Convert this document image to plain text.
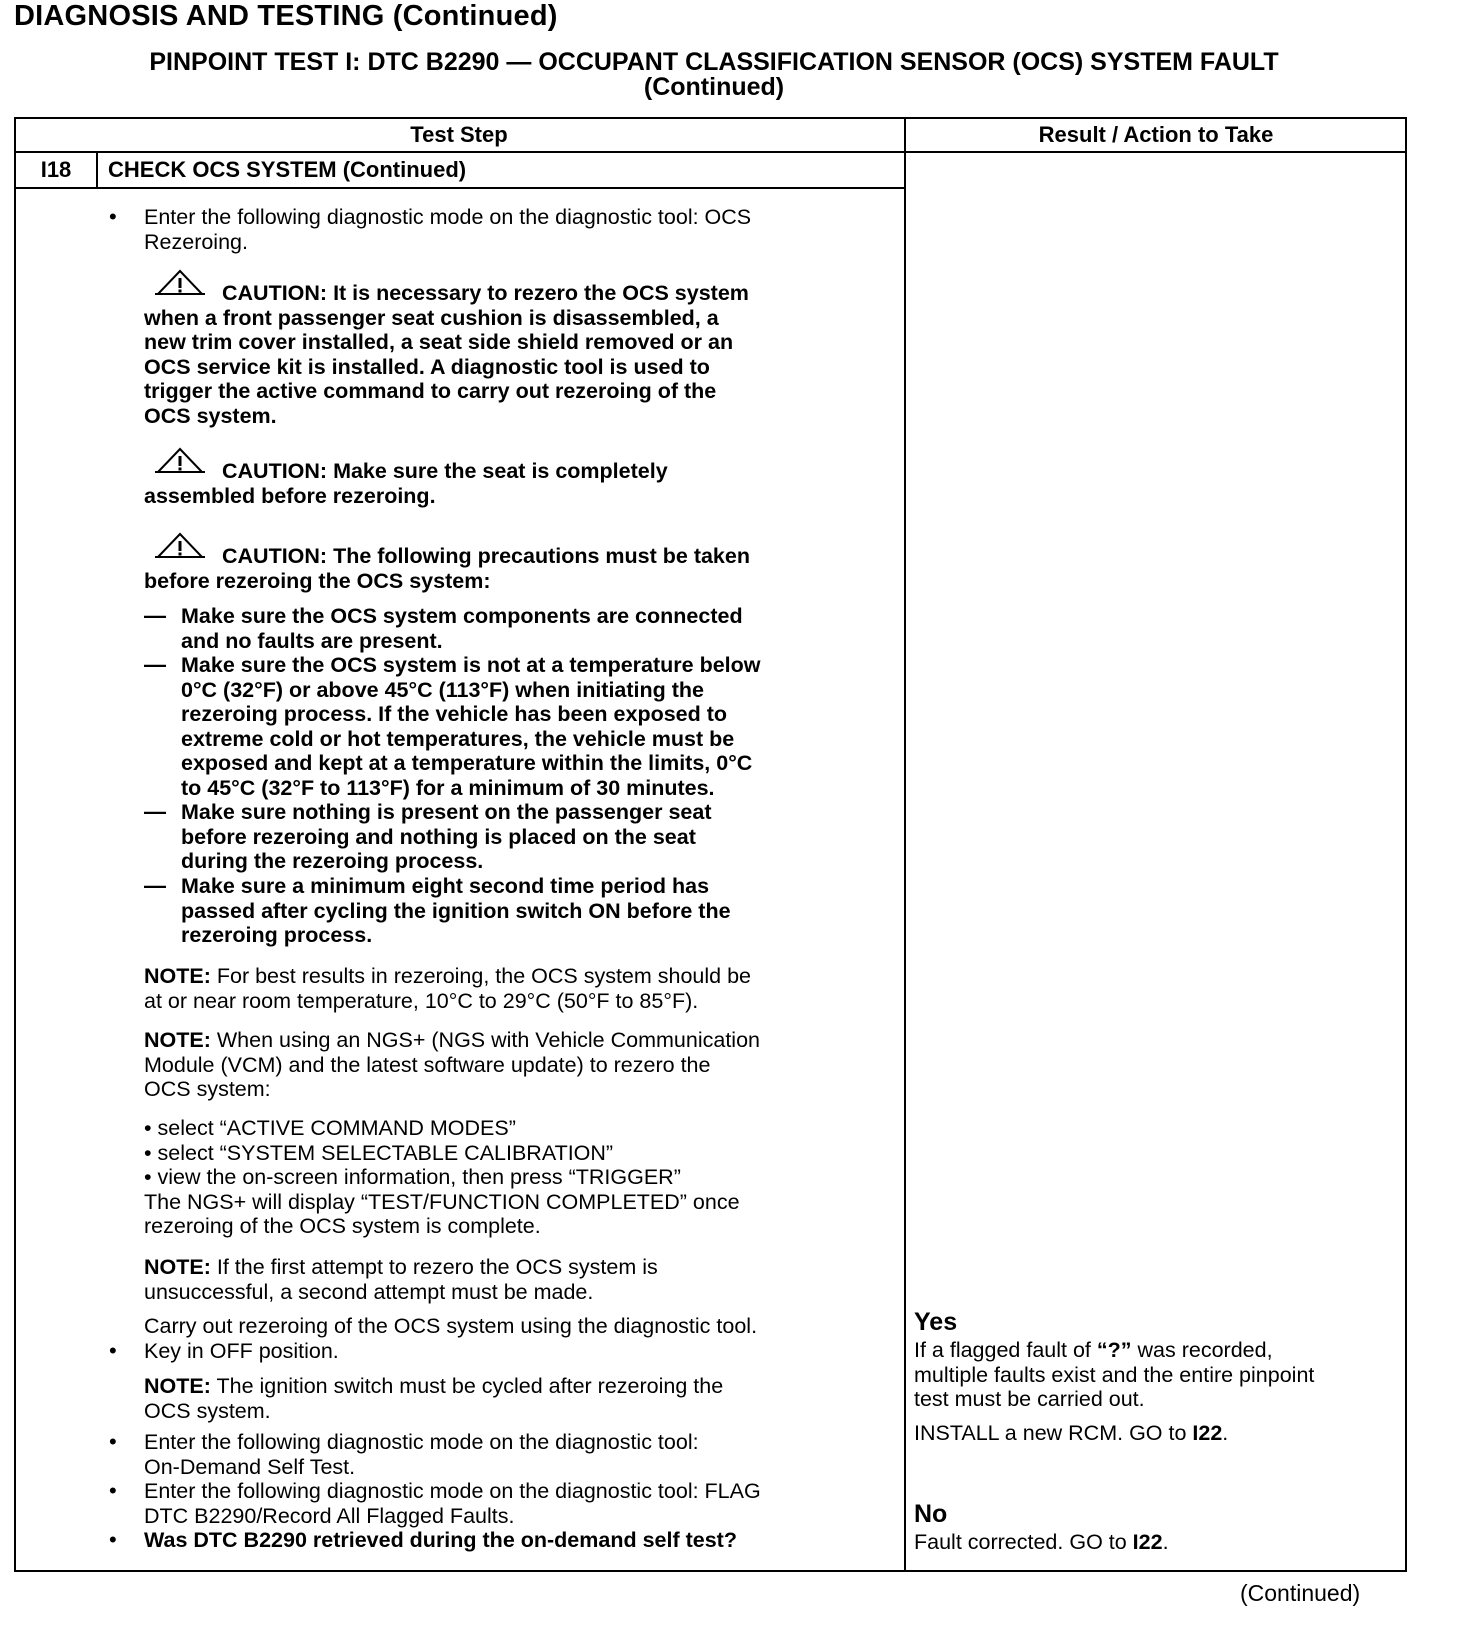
DIAGNOSIS AND TESTING (Continued)
PINPOINT TEST I: DTC B2290 — OCCUPANT CLASSIFICATION SENSOR (OCS) SYSTEM FAULT
(Continued)
Test Step	Result / Action to Take
I18	CHECK OCS SYSTEM (Continued)
• Enter the following diagnostic mode on the diagnostic tool: OCS
Rezeroing.
CAUTION: It is necessary to rezero the OCS system
when a front passenger seat cushion is disassembled, a
new trim cover installed, a seat side shield removed or an
OCS service kit is installed. A diagnostic tool is used to
trigger the active command to carry out rezeroing of the
OCS system.
CAUTION: Make sure the seat is completely
assembled before rezeroing.
CAUTION: The following precautions must be taken
before rezeroing the OCS system:
— Make sure the OCS system components are connected
and no faults are present.
— Make sure the OCS system is not at a temperature below
0°C (32°F) or above 45°C (113°F) when initiating the
rezeroing process. If the vehicle has been exposed to
extreme cold or hot temperatures, the vehicle must be
exposed and kept at a temperature within the limits, 0°C
to 45°C (32°F to 113°F) for a minimum of 30 minutes.
— Make sure nothing is present on the passenger seat
before rezeroing and nothing is placed on the seat
during the rezeroing process.
— Make sure a minimum eight second time period has
passed after cycling the ignition switch ON before the
rezeroing process.
NOTE: For best results in rezeroing, the OCS system should be
at or near room temperature, 10°C to 29°C (50°F to 85°F).
NOTE: When using an NGS+ (NGS with Vehicle Communication
Module (VCM) and the latest software update) to rezero the
OCS system:
• select “ACTIVE COMMAND MODES”
• select “SYSTEM SELECTABLE CALIBRATION”
• view the on-screen information, then press “TRIGGER”
The NGS+ will display “TEST/FUNCTION COMPLETED” once
rezeroing of the OCS system is complete.
NOTE: If the first attempt to rezero the OCS system is
unsuccessful, a second attempt must be made.
Carry out rezeroing of the OCS system using the diagnostic tool.
• Key in OFF position.
NOTE: The ignition switch must be cycled after rezeroing the
OCS system.
• Enter the following diagnostic mode on the diagnostic tool:
On-Demand Self Test.
• Enter the following diagnostic mode on the diagnostic tool: FLAG
DTC B2290/Record All Flagged Faults.
• Was DTC B2290 retrieved during the on-demand self test?
Yes
If a flagged fault of “?” was recorded,
multiple faults exist and the entire pinpoint
test must be carried out.
INSTALL a new RCM. GO to I22.
No
Fault corrected. GO to I22.
(Continued)
